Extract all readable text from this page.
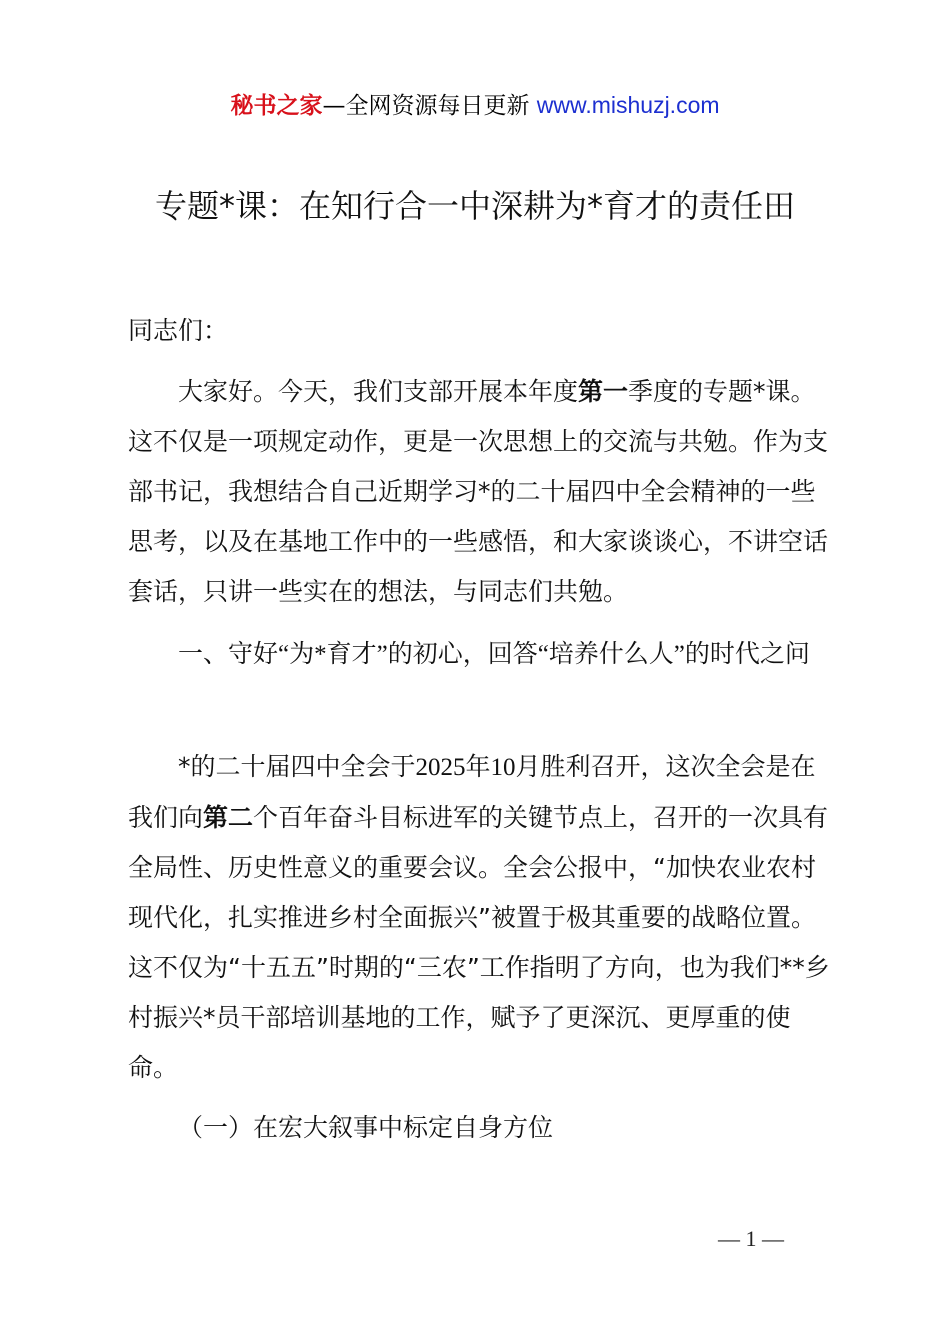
秘书之家—全网资源每日更新 www.mishuzj.com
专题*课：在知行合一中深耕为*育才的责任田
同志们：

大家好。今天，我们支部开展本年度第一季度的专题*课。这不仅是一项规定动作，更是一次思想上的交流与共勉。作为支部书记，我想结合自己近期学习*的二十届四中全会精神的一些思考，以及在基地工作中的一些感悟，和大家谈谈心，不讲空话套话，只讲一些实在的想法，与同志们共勉。

一、守好“为*育才”的初心，回答“培养什么人”的时代之问

*的二十届四中全会于2025年10月胜利召开，这次全会是在我们向第二个百年奋斗目标进军的关键节点上，召开的一次具有全局性、历史性意义的重要会议。全会公报中，“加快农业农村现代化，扎实推进乡村全面振兴”被置于极其重要的战略位置。这不仅为“十五五”时期的“三农”工作指明了方向，也为我们**乡村振兴*员干部培训基地的工作，赋予了更深沉、更厚重的使命。

（一）在宏大叙事中标定自身方位
— 1 —
